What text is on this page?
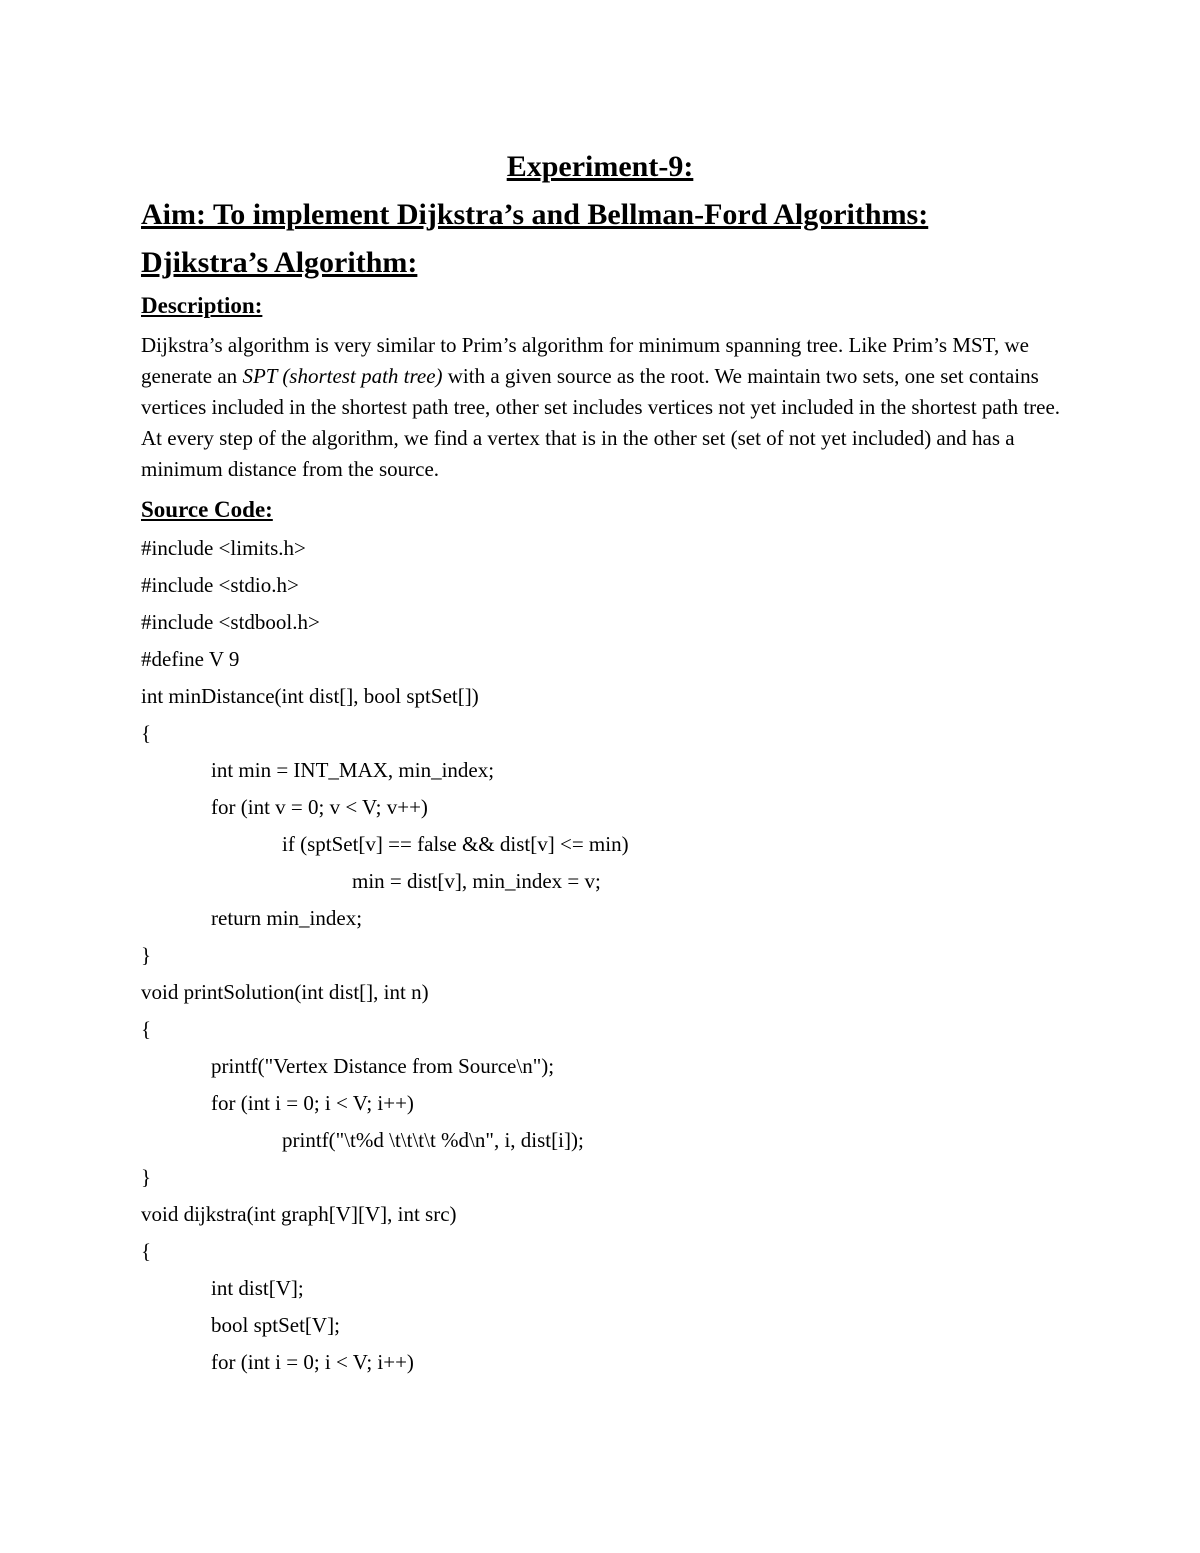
Experiment-9:
Aim: To implement Dijkstra’s and Bellman-Ford Algorithms:
Djikstra’s Algorithm:
Description:

Dijkstra’s algorithm is very similar to Prim’s algorithm for minimum spanning tree. Like Prim’s MST, we generate an SPT (shortest path tree) with a given source as the root. We maintain two sets, one set contains vertices included in the shortest path tree, other set includes vertices not yet included in the shortest path tree. At every step of the algorithm, we find a vertex that is in the other set (set of not yet included) and has a minimum distance from the source.

Source Code:
#include <limits.h>
#include <stdio.h>
#include <stdbool.h>
#define V 9
int minDistance(int dist[], bool sptSet[])
{
int min = INT_MAX, min_index;
for (int v = 0; v < V; v++)
if (sptSet[v] == false && dist[v] <= min)
min = dist[v], min_index = v;
return min_index;
}
void printSolution(int dist[], int n)
{
printf("Vertex Distance from Source\n");
for (int i = 0; i < V; i++)
printf("\t%d \t\t\t\t %d\n", i, dist[i]);
}
void dijkstra(int graph[V][V], int src)
{
int dist[V];
bool sptSet[V];
for (int i = 0; i < V; i++)
